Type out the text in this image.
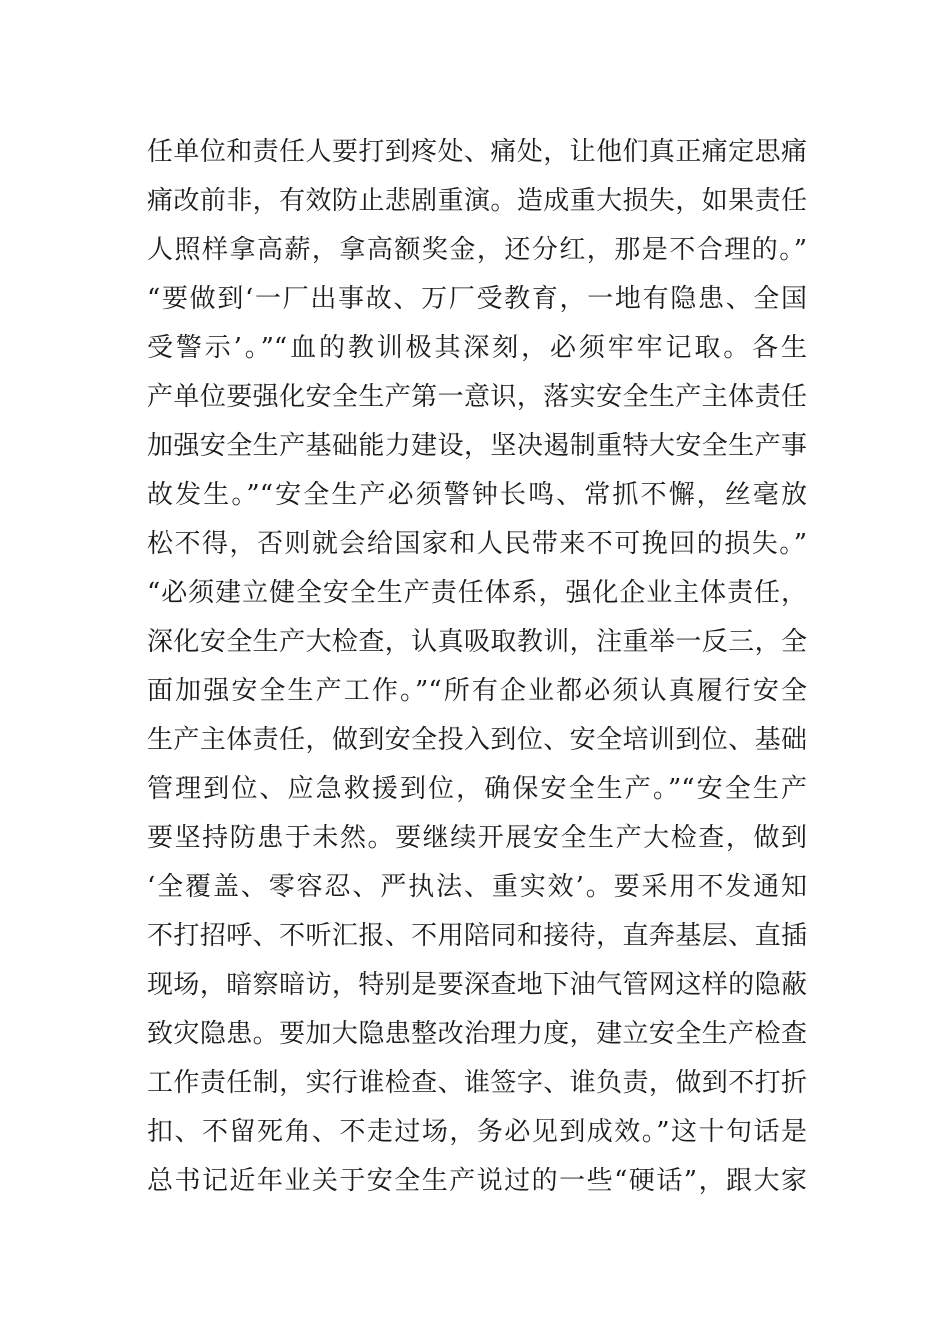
任单位和责任人要打到疼处、痛处，让他们真正痛定思痛
痛改前非，有效防止悲剧重演。造成重大损失，如果责任
人照样拿高薪，拿高额奖金，还分红，那是不合理的。”
“要做到‘一厂出事故、万厂受教育，一地有隐患、全国
受警示’。”“血的教训极其深刻，必须牢牢记取。各生
产单位要强化安全生产第一意识，落实安全生产主体责任
加强安全生产基础能力建设，坚决遏制重特大安全生产事
故发生。”“安全生产必须警钟长鸣、常抓不懈，丝毫放
松不得，否则就会给国家和人民带来不可挽回的损失。”
“必须建立健全安全生产责任体系，强化企业主体责任，
深化安全生产大检查，认真吸取教训，注重举一反三，全
面加强安全生产工作。”“所有企业都必须认真履行安全
生产主体责任，做到安全投入到位、安全培训到位、基础
管理到位、应急救援到位，确保安全生产。”“安全生产
要坚持防患于未然。要继续开展安全生产大检查，做到
‘全覆盖、零容忍、严执法、重实效’。要采用不发通知
不打招呼、不听汇报、不用陪同和接待，直奔基层、直插
现场，暗察暗访，特别是要深查地下油气管网这样的隐蔽
致灾隐患。要加大隐患整改治理力度，建立安全生产检查
工作责任制，实行谁检查、谁签字、谁负责，做到不打折
扣、不留死角、不走过场，务必见到成效。”这十句话是
总书记近年业关于安全生产说过的一些“硬话”，跟大家
